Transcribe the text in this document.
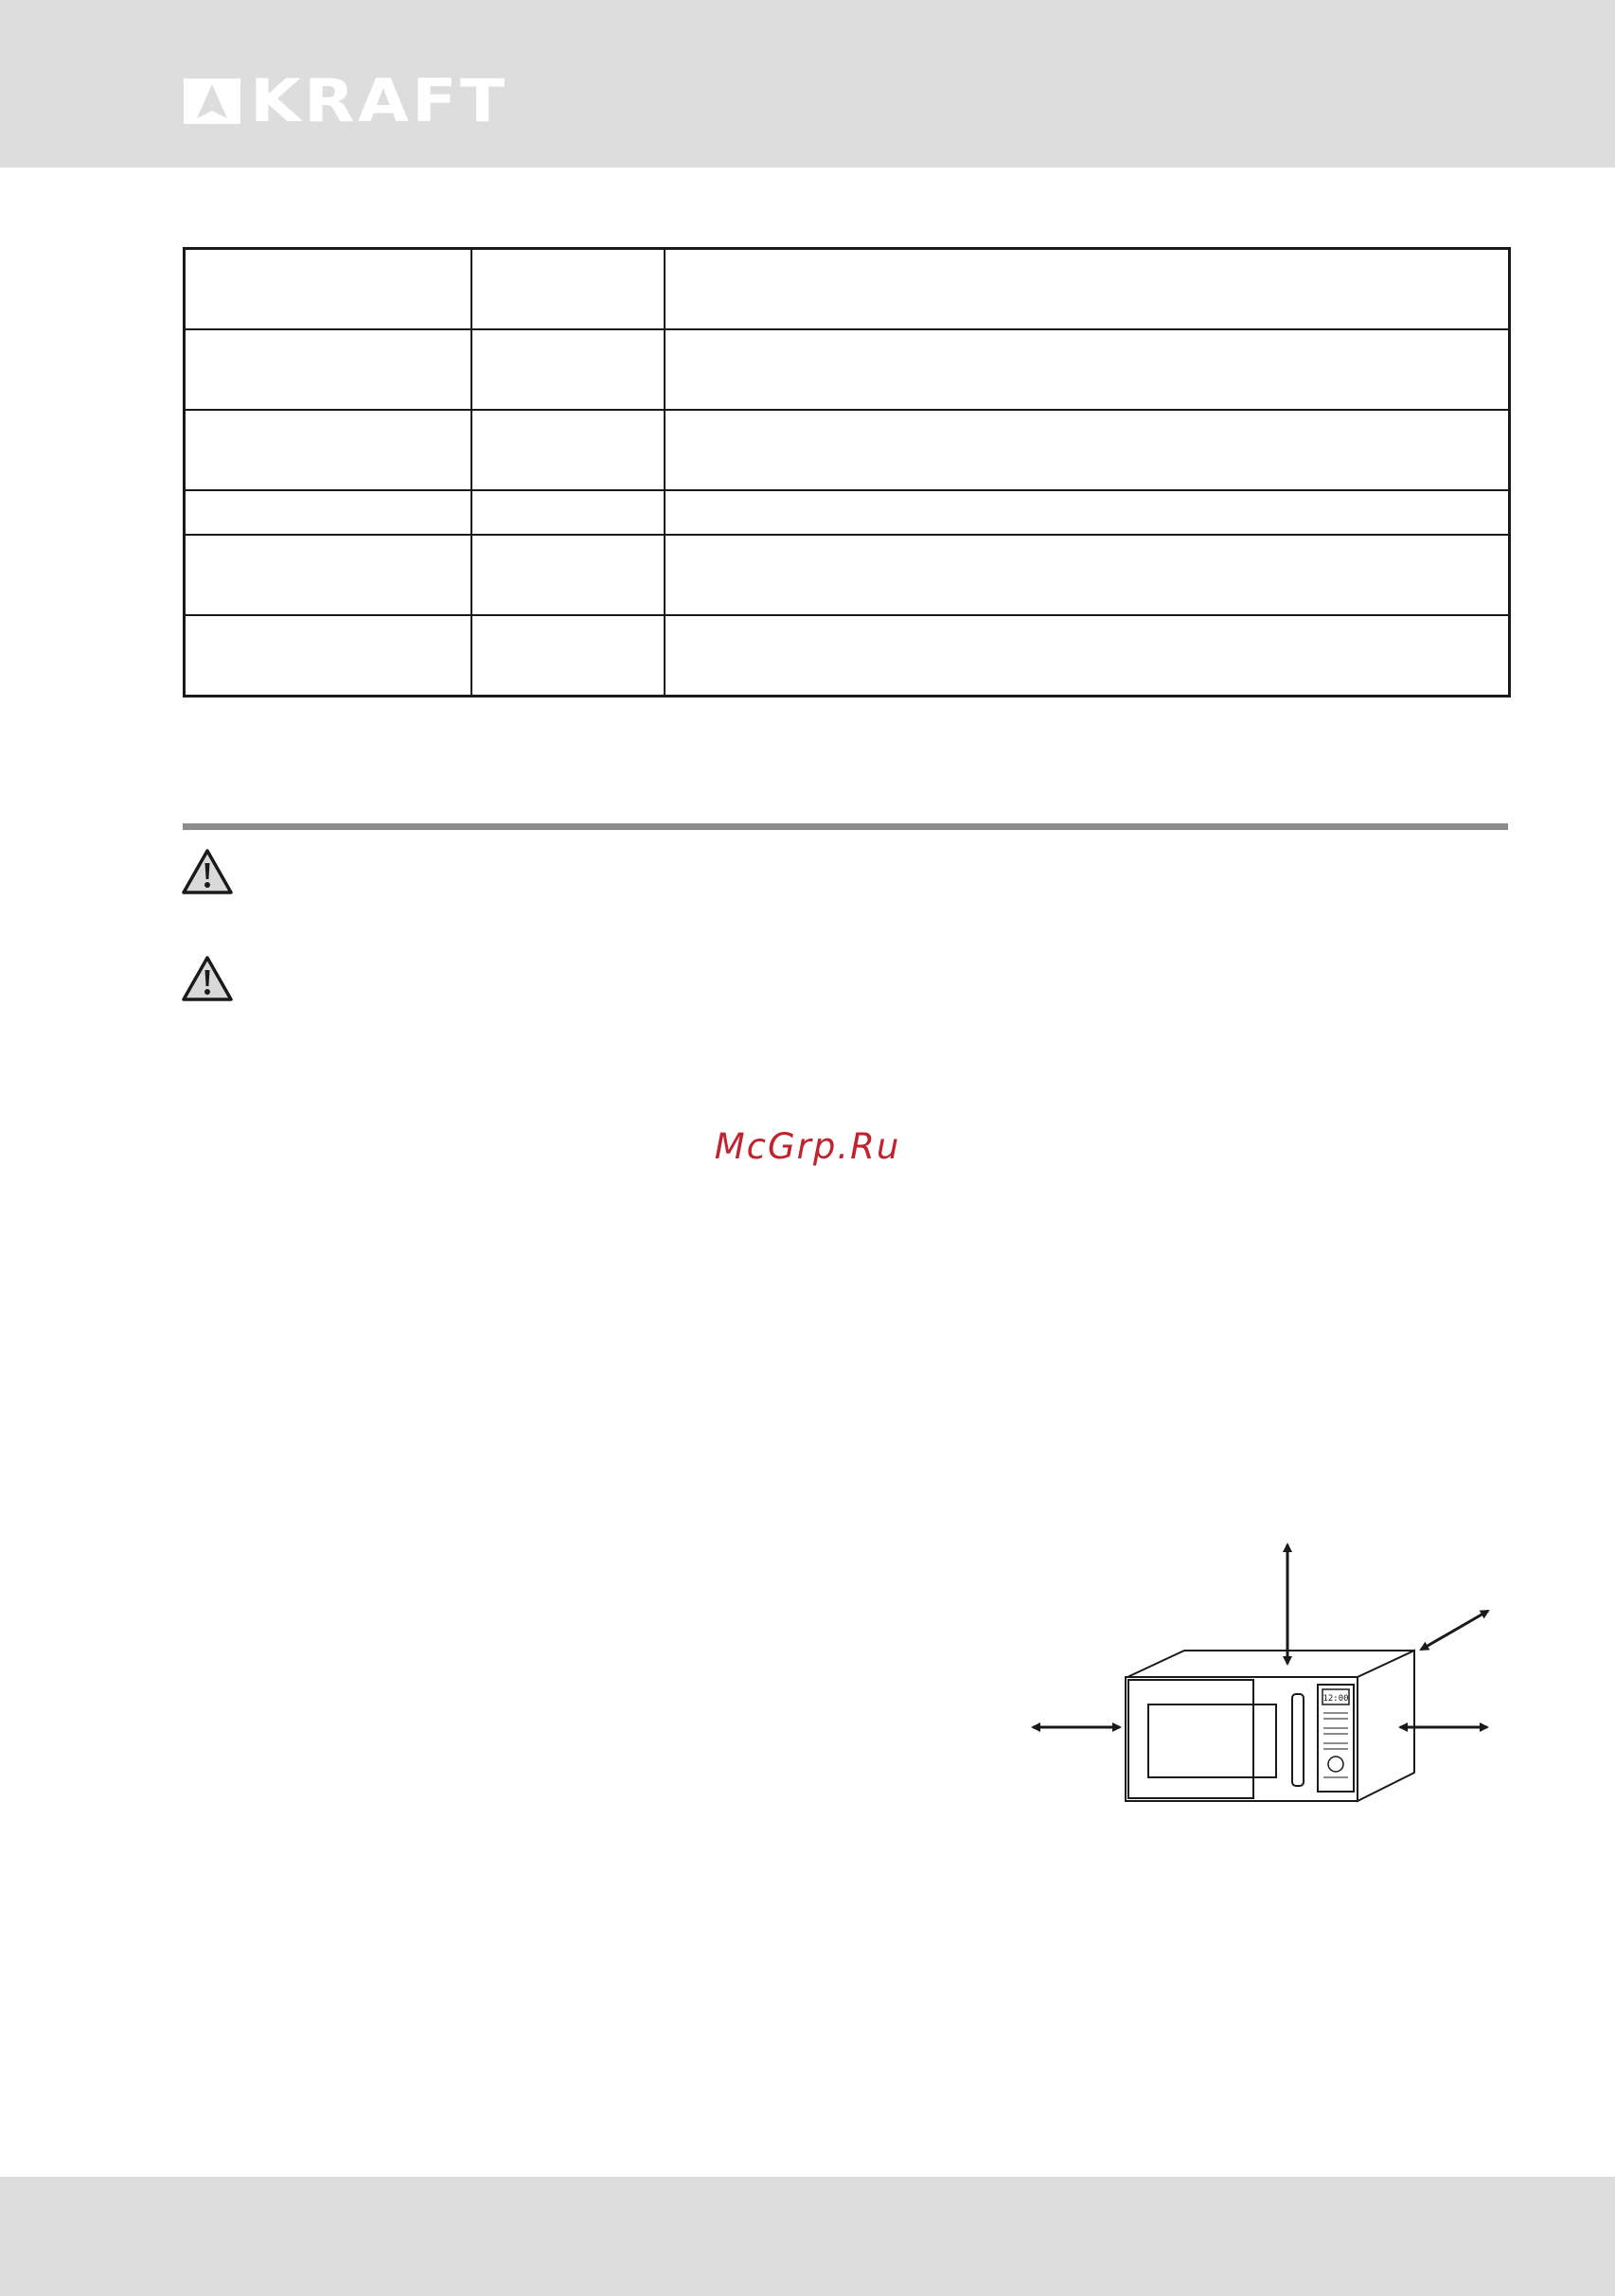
KRAFT

McGrp.Ru
12:00
